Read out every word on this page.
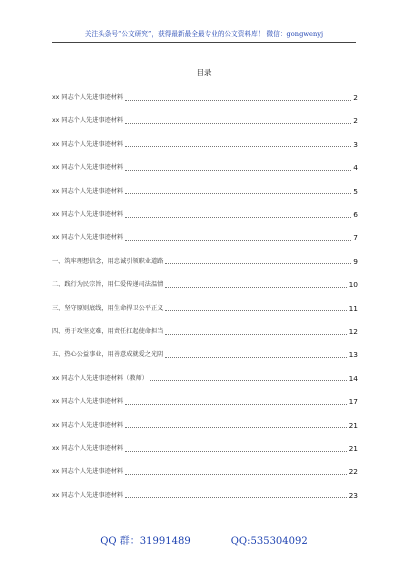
关注头条号“公文研究”，获得最新最全最专业的公文资料库！ 微信：gongwenyj
目录
xx 同志个人先进事迹材料	2
xx 同志个人先进事迹材料	2
xx 同志个人先进事迹材料	3
xx 同志个人先进事迹材料	4
xx 同志个人先进事迹材料	5
xx 同志个人先进事迹材料	6
xx 同志个人先进事迹材料	7
一、筑牢理想信念，用忠诚引领职业道路	9
二、践行为民宗旨，用仁爱传递司法温情	10
三、坚守原则底线，用生命捍卫公平正义	11
四、勇于攻坚克难，用责任扛起使命担当	12
五、热心公益事业，用善意成就爱之光阴	13
xx 同志个人先进事迹材料（教师）	14
xx 同志个人先进事迹材料	17
xx 同志个人先进事迹材料	21
xx 同志个人先进事迹材料	21
xx 同志个人先进事迹材料	22
xx 同志个人先进事迹材料	23
QQ 群：31991489	QQ:535304092
